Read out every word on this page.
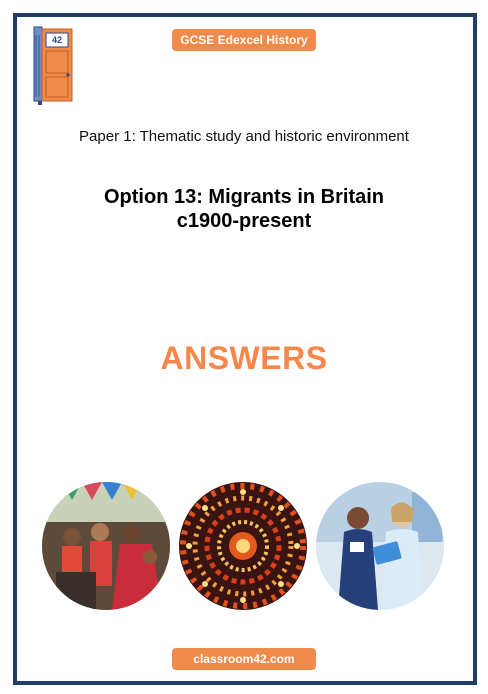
42	GCSE Edexcel History
Paper 1: Thematic study and historic environment
Option 13: Migrants in Britain
c1900-present
ANSWERS
classroom42.com
